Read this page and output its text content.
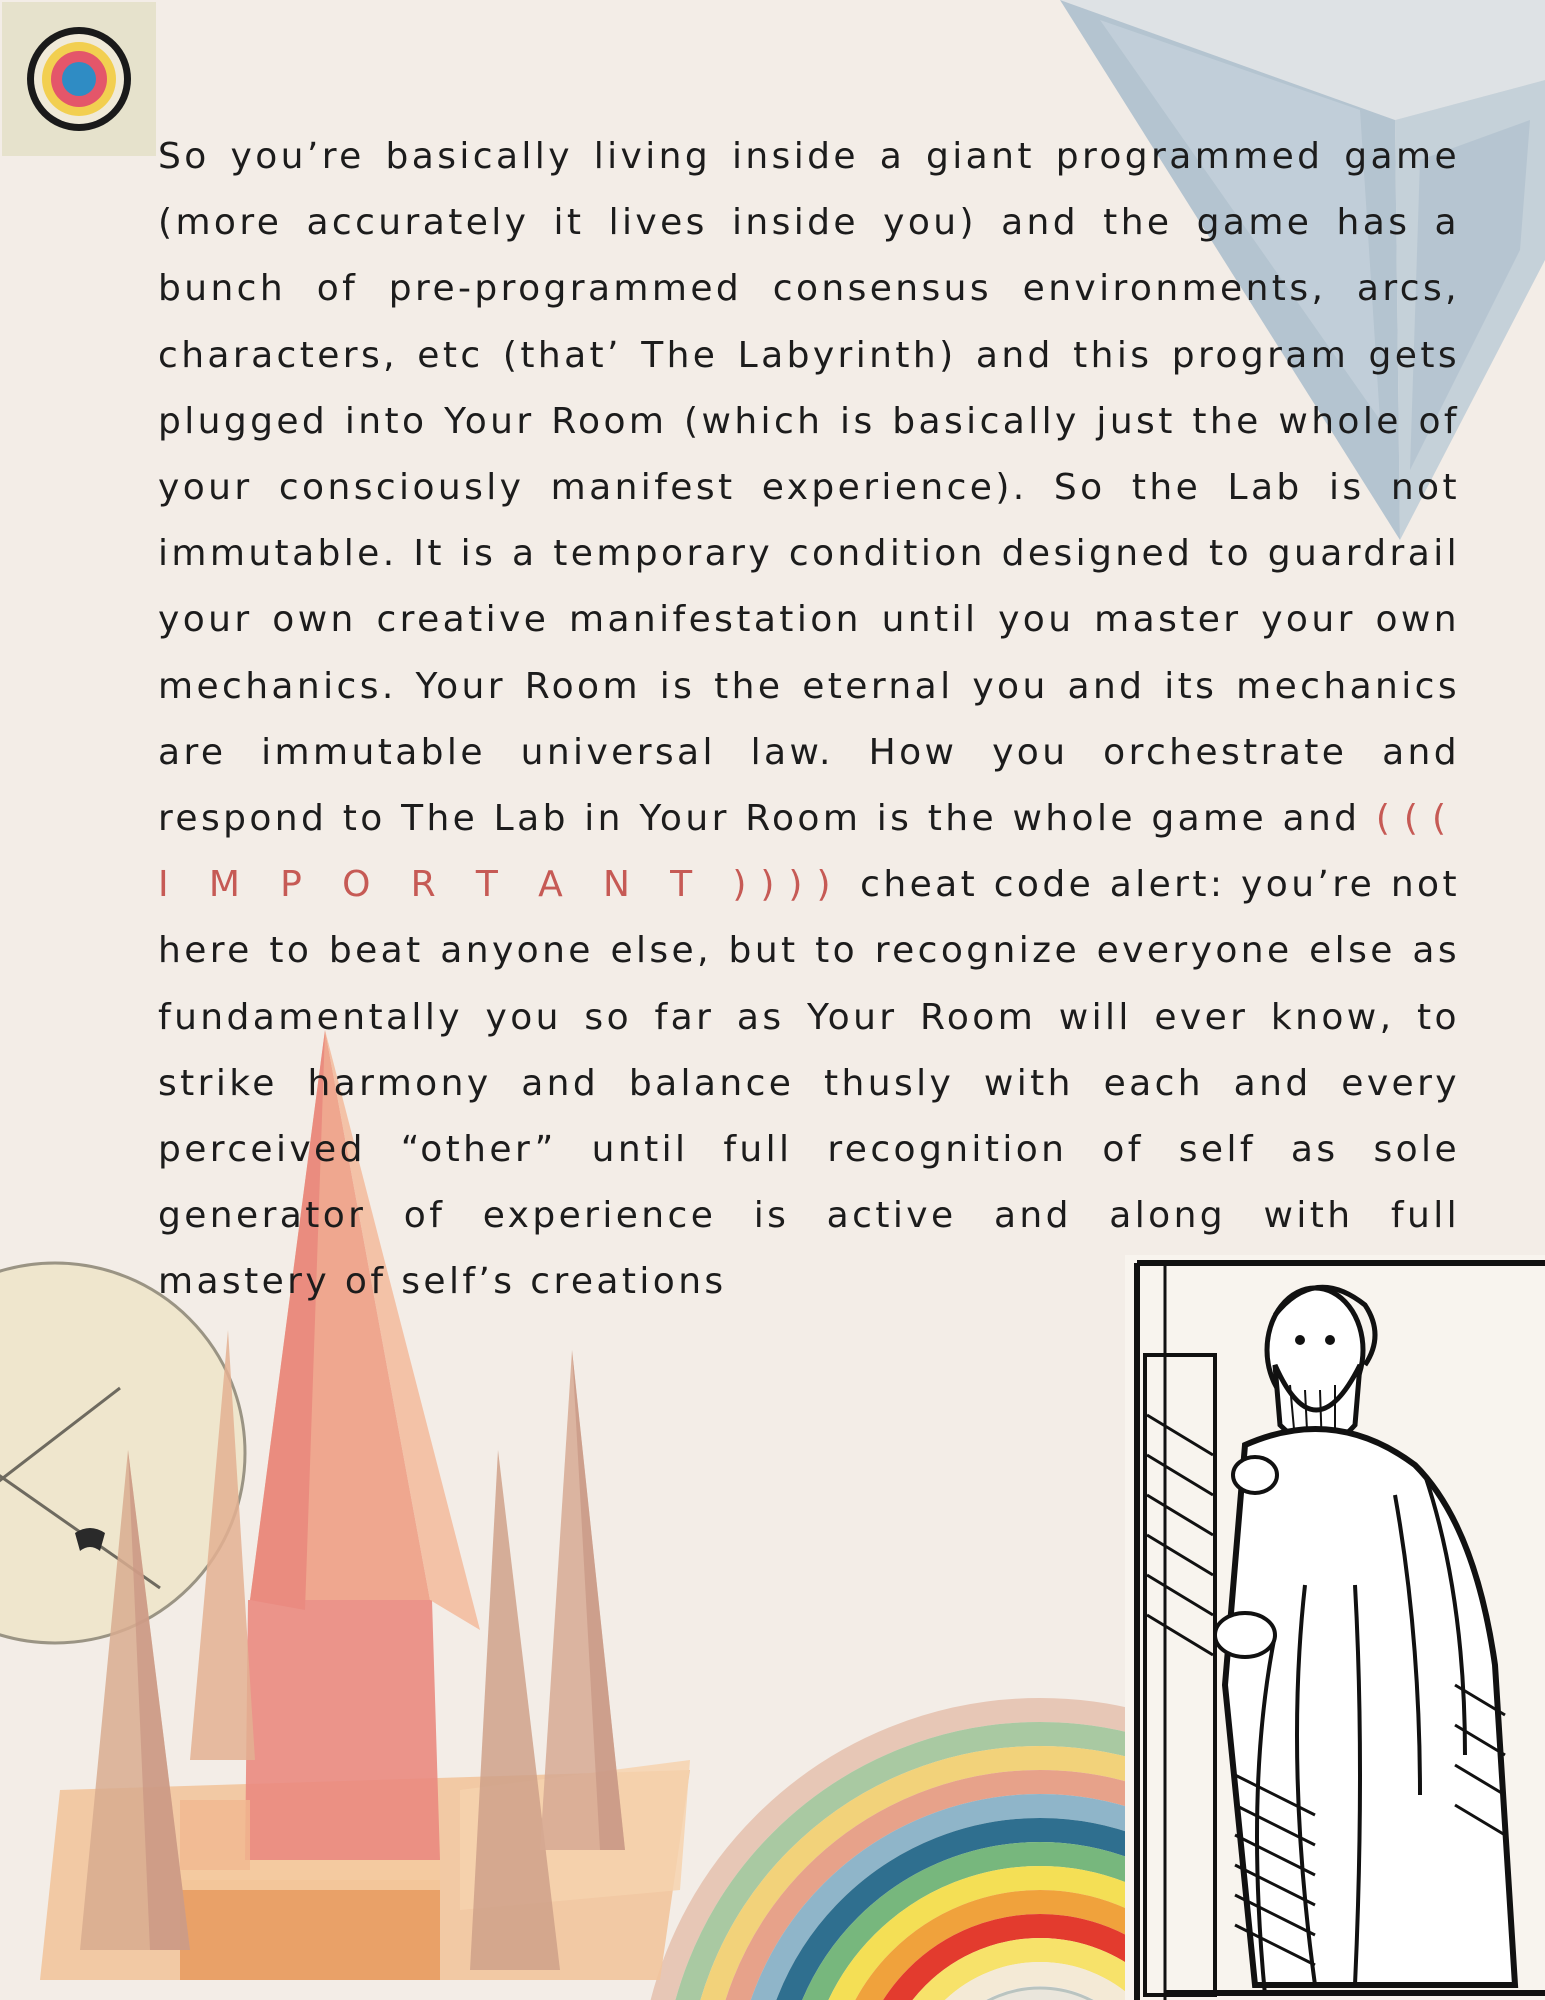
So you’re basically living inside a giant programmed game (more accurately it lives inside you) and the game has a bunch of pre-programmed consensus environments, arcs, characters, etc (that’ The Labyrinth) and this program gets plugged into Your Room (which is basically just the whole of your consciously manifest experience). So the Lab is not immutable. It is a temporary condition designed to guardrail your own creative manifestation until you master your own mechanics. Your Room is the eternal you and its mechanics are immutable universal law. How you orchestrate and respond to The Lab in Your Room is the whole game and ((( I M P O R T A N T )))) cheat code alert: you’re not here to beat anyone else, but to recognize everyone else as fundamentally you so far as Your Room will ever know, to strike harmony and balance thusly with each and every perceived “other” until full recognition of self as sole generator of experience is active and along with full mastery of self’s creations
